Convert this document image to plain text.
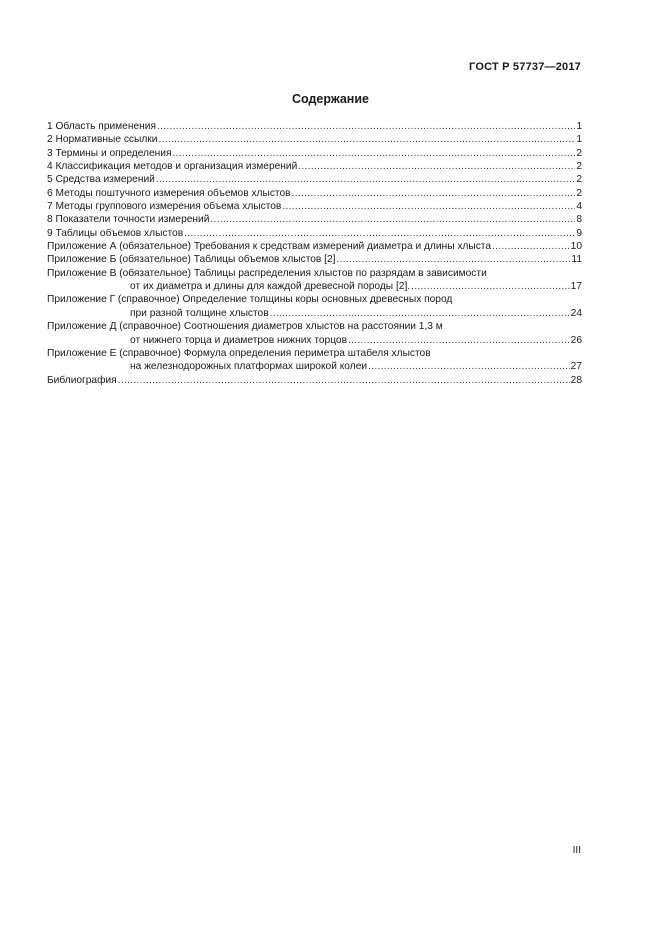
ГОСТ Р 57737—2017
Содержание
1 Область применения .....	1
2 Нормативные ссылки .....	1
3 Термины и определения .....	2
4 Классификация методов и организация измерений .....	2
5 Средства измерений .....	2
6 Методы поштучного измерения объемов хлыстов .....	2
7 Методы группового измерения объема хлыстов .....	4
8 Показатели точности измерений .....	8
9 Таблицы объемов хлыстов .....	9
Приложение А (обязательное) Требования к средствам измерений диаметра и длины хлыста .....	10
Приложение Б (обязательное) Таблицы объемов хлыстов [2] .....	11
Приложение В (обязательное) Таблицы распределения хлыстов по разрядам в зависимости
от их диаметра и длины для каждой древесной породы [2]. .....	17
Приложение Г (справочное) Определение толщины коры основных древесных пород
при разной толщине хлыстов .....	24
Приложение Д (справочное) Соотношения диаметров хлыстов на расстоянии 1,3 м
от нижнего торца и диаметров нижних торцов .....	26
Приложение Е (справочное) Формула определения периметра штабеля хлыстов
на железнодорожных платформах широкой колеи .....	27
Библиография .....	28
III
